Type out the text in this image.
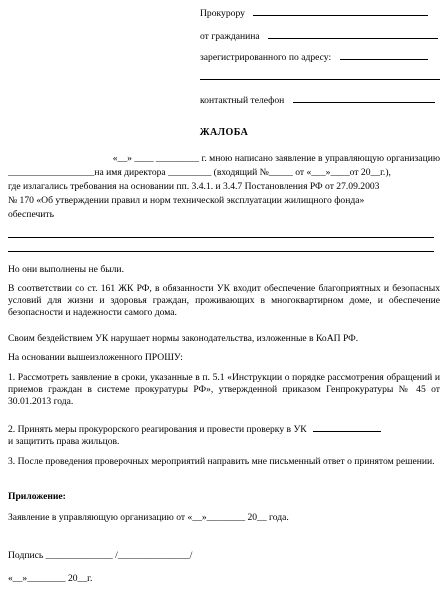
Прокурору
от гражданина
зарегистрированного по адресу:
контактный телефон
ЖАЛОБА
«__» ____ _________ г. мною написано заявление в управляющую организацию
__________________на имя директора _________ (входящий №_____ от «___»____от 20__г.),
где излагались требования на основании пп. 3.4.1. и 3.4.7 Постановления РФ от 27.09.2003
№ 170 «Об утверждении правил и норм технической эксплуатации жилищного фонда»
обеспечить
Но они выполнены не были.
В соответствии со ст. 161 ЖК РФ, в обязанности УК входит обеспечение благоприятных и безопасных условий для жизни и здоровья граждан, проживающих в многоквартирном доме, и обеспечение безопасности и надежности самого дома.
Своим бездействием УК нарушает нормы законодательства, изложенные в КоАП РФ.
На основании вышеизложенного ПРОШУ:
1. Рассмотреть заявление в сроки, указанные в п. 5.1 «Инструкции о порядке рассмотрения обращений и приемов граждан в системе прокуратуры РФ», утвержденной приказом Генпрокуратуры № 45 от 30.01.2013 года.
2. Принять меры прокурорского реагирования и провести проверку в УК
и защитить права жильцов.
3. После проведения проверочных мероприятий направить мне письменный ответ о принятом решении.
Приложение:
Заявление в управляющую организацию от «__»________ 20__ года.
Подпись ______________ /_______________/
«__»________ 20__г.
